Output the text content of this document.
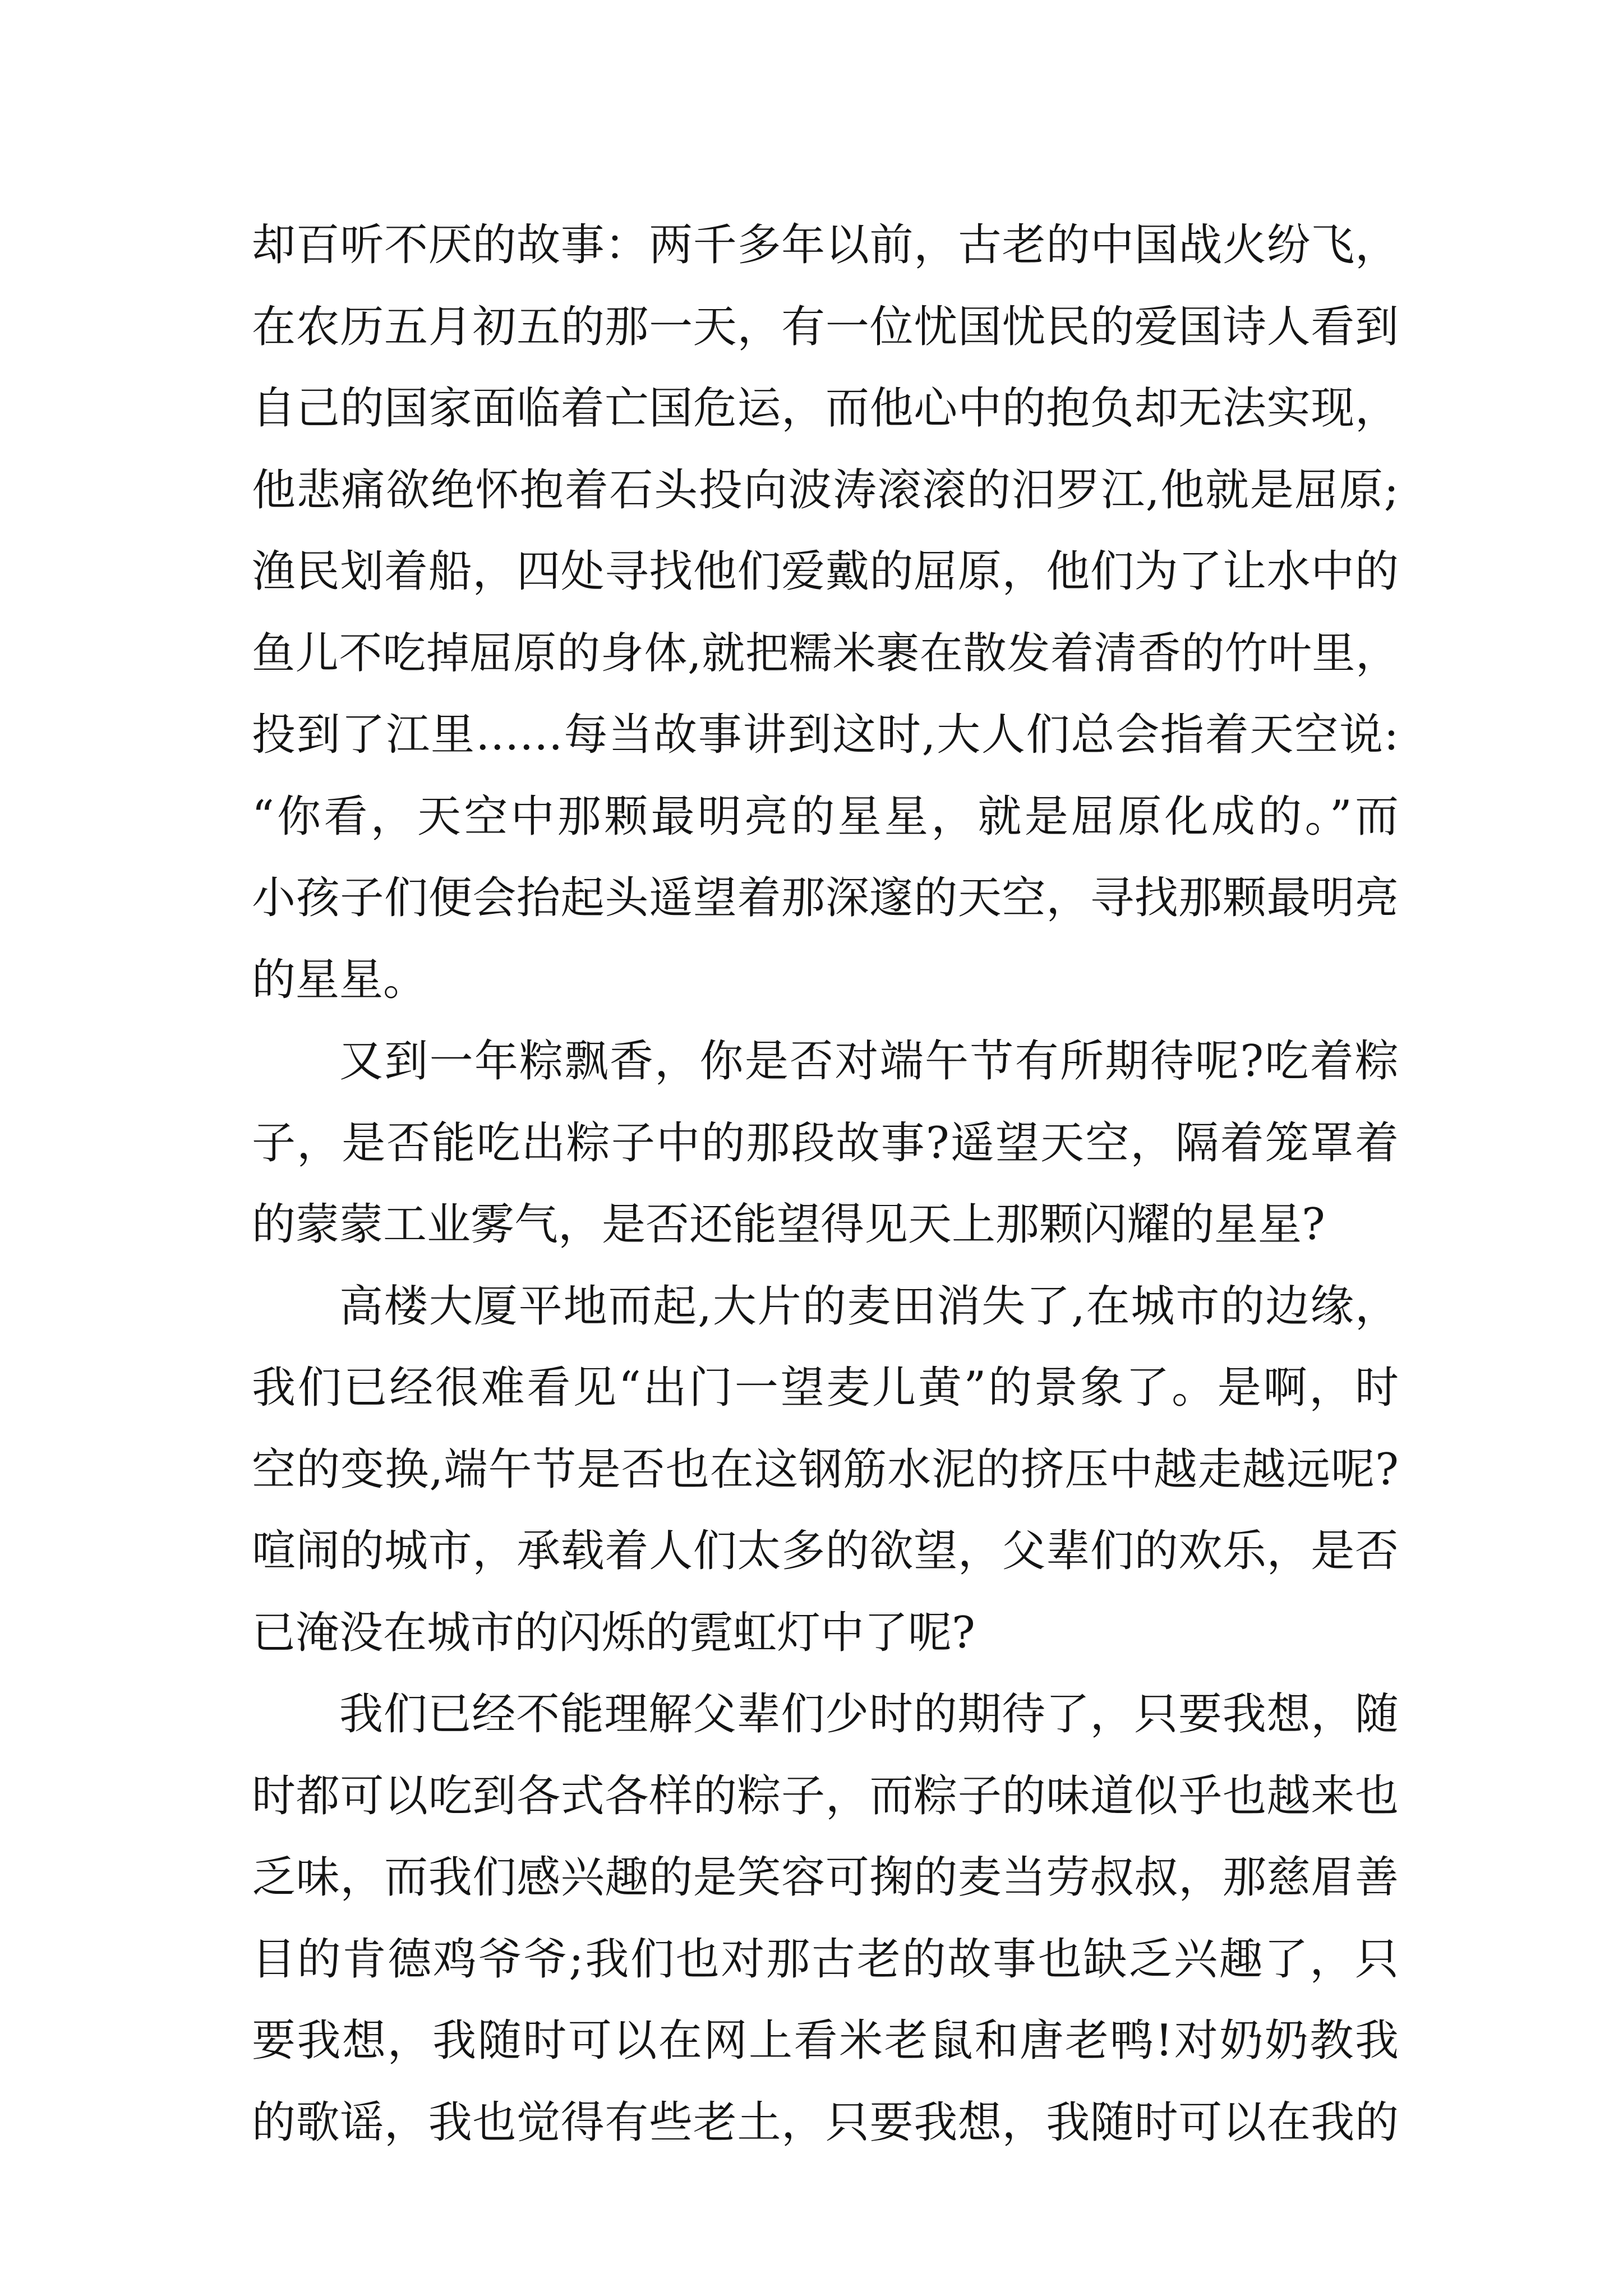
却百听不厌的故事：两千多年以前，古老的中国战火纷飞，
在农历五月初五的那一天，有一位忧国忧民的爱国诗人看到
自己的国家面临着亡国危运，而他心中的抱负却无法实现，
他悲痛欲绝怀抱着石头投向波涛滚滚的汨罗江,他就是屈原;
渔民划着船，四处寻找他们爱戴的屈原，他们为了让水中的
鱼儿不吃掉屈原的身体,就把糯米裹在散发着清香的竹叶里，
投到了江里……每当故事讲到这时,大人们总会指着天空说:
“你看，天空中那颗最明亮的星星，就是屈原化成的。”而
小孩子们便会抬起头遥望着那深邃的天空，寻找那颗最明亮
的星星。
又到一年粽飘香，你是否对端午节有所期待呢?吃着粽
子，是否能吃出粽子中的那段故事?遥望天空，隔着笼罩着
的蒙蒙工业雾气，是否还能望得见天上那颗闪耀的星星?
高楼大厦平地而起,大片的麦田消失了,在城市的边缘，
我们已经很难看见“出门一望麦儿黄”的景象了。是啊，时
空的变换,端午节是否也在这钢筋水泥的挤压中越走越远呢?
喧闹的城市，承载着人们太多的欲望，父辈们的欢乐，是否
已淹没在城市的闪烁的霓虹灯中了呢?
我们已经不能理解父辈们少时的期待了，只要我想，随
时都可以吃到各式各样的粽子，而粽子的味道似乎也越来也
乏味，而我们感兴趣的是笑容可掬的麦当劳叔叔，那慈眉善
目的肯德鸡爷爷;我们也对那古老的故事也缺乏兴趣了，只
要我想，我随时可以在网上看米老鼠和唐老鸭!对奶奶教我
的歌谣，我也觉得有些老土，只要我想，我随时可以在我的
